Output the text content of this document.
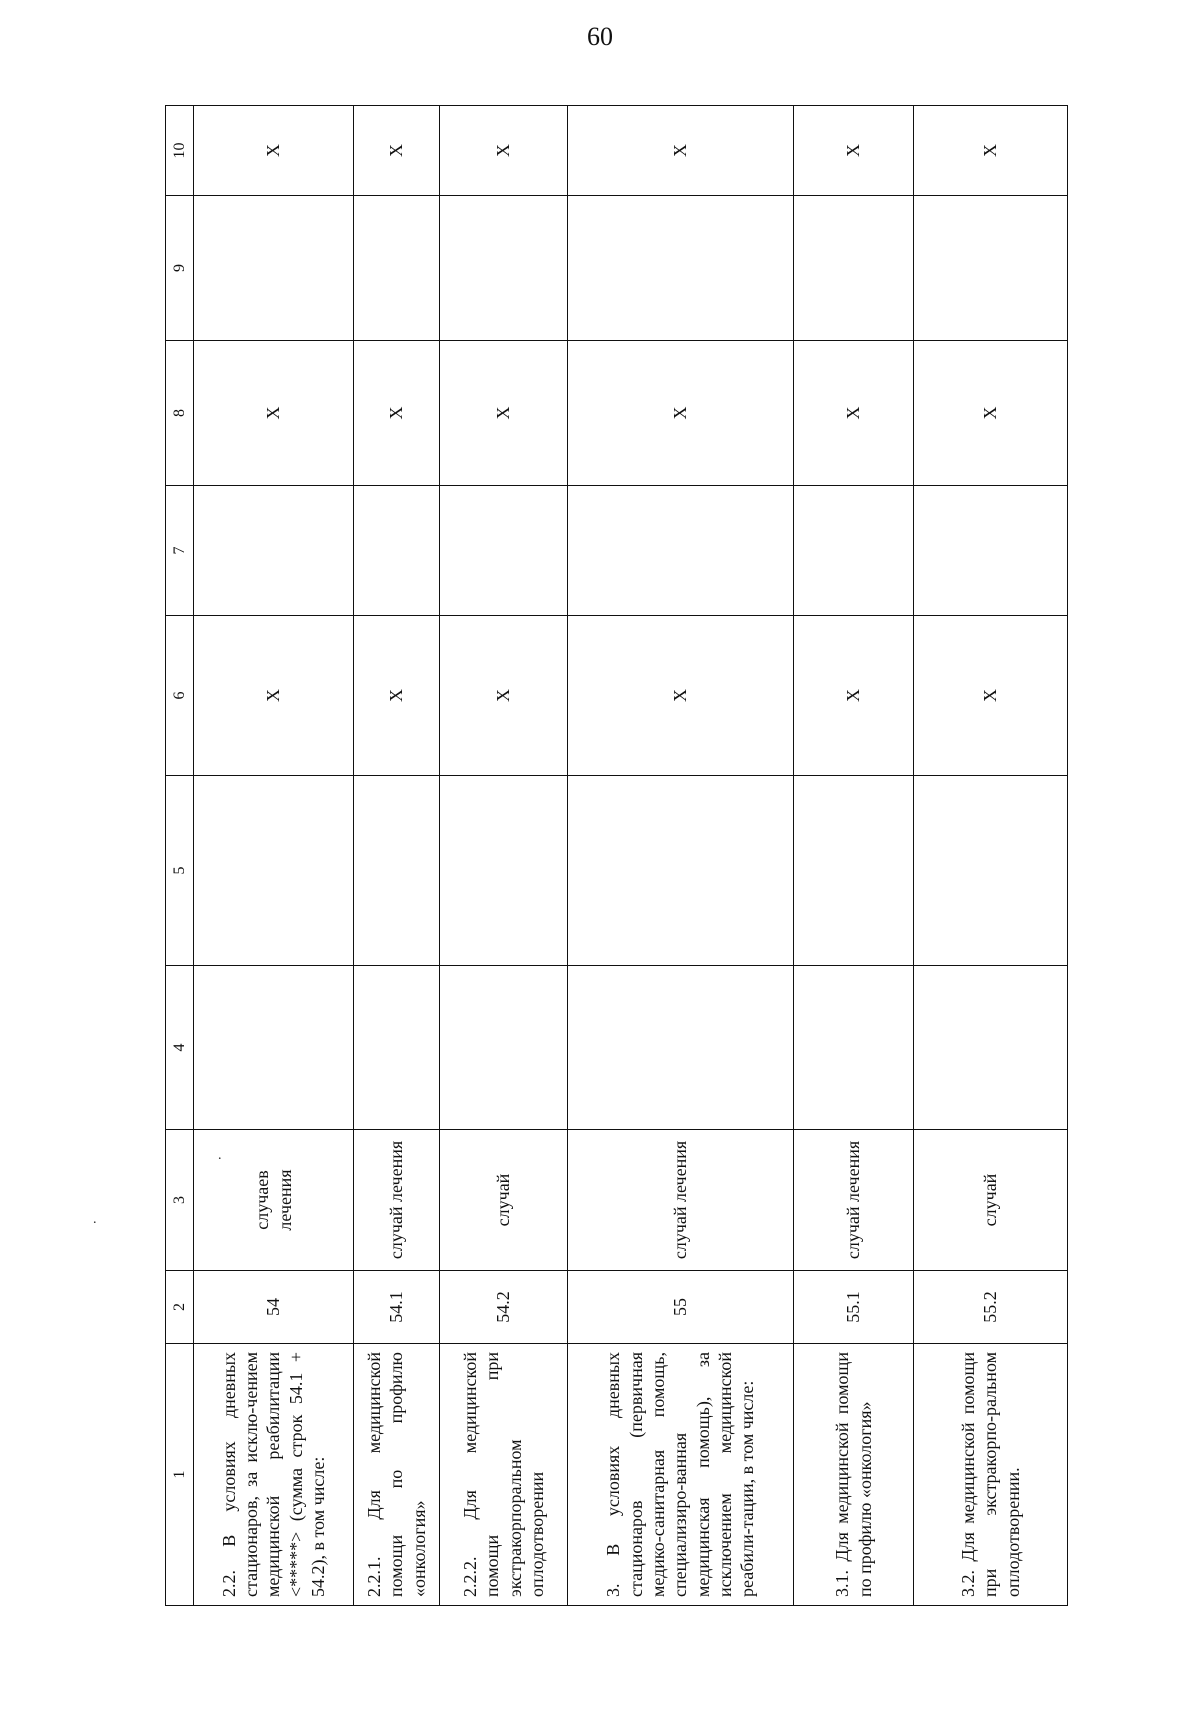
60
.
.
1	2	3	4	5	6	7	8	9	10
2.2. В условиях дневных стационаров, за исклю-чением медицинской реабилитации <*****> (сумма строк 54.1 + 54.2), в том числе:	54	случаев лечения			X		X		X
2.2.1. Для медицинской помощи по профилю «онкология»	54.1	случай лечения			X		X		X
2.2.2. Для медицинской помощи при экстракорпоральном оплодотворении	54.2	случай			X		X		X
3. В условиях дневных стационаров (первичная медико-санитарная помощь, специализиро-ванная медицинская помощь), за исключением медицинской реабили-тации, в том числе:	55	случай лечения			X		X		X
3.1. Для медицинской помощи по профилю «онкология»	55.1	случай лечения			X		X		X
3.2. Для медицинской помощи при экстракорпо-ральном оплодотворении.	55.2	случай			X		X		X
